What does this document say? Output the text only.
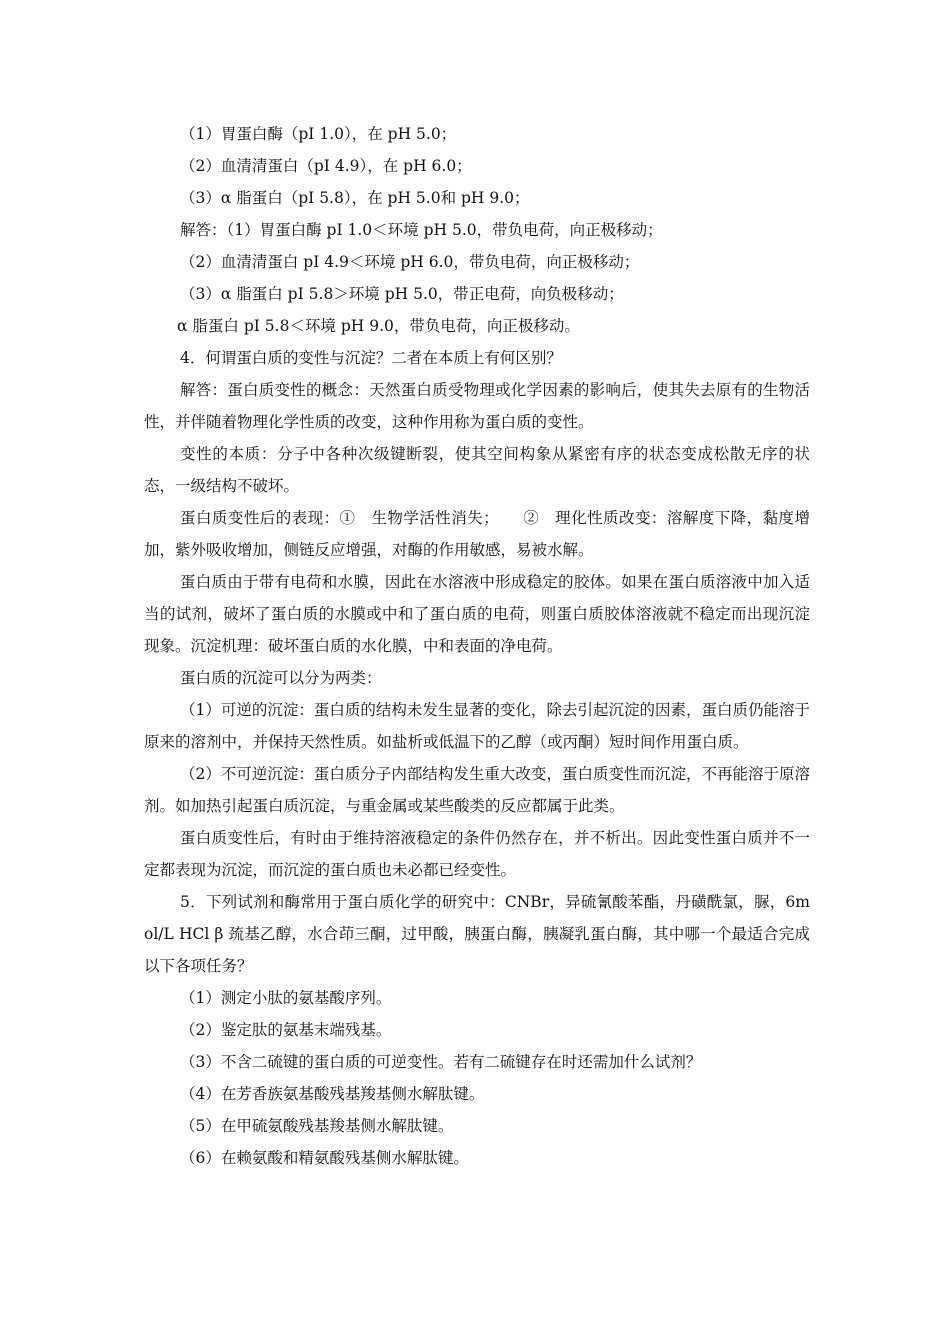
（1）胃蛋白酶（pI 1.0），在 pH 5.0；

（2）血清清蛋白（pI 4.9），在 pH 6.0；

（3）α 脂蛋白（pI 5.8），在 pH 5.0和 pH 9.0；

解答：（1）胃蛋白酶 pI 1.0＜环境 pH 5.0，带负电荷，向正极移动；

（2）血清清蛋白 pI 4.9＜环境 pH 6.0，带负电荷，向正极移动；

（3）α 脂蛋白 pI 5.8＞环境 pH 5.0，带正电荷，向负极移动；

α 脂蛋白 pI 5.8＜环境 pH 9.0，带负电荷，向正极移动。

4．何谓蛋白质的变性与沉淀？二者在本质上有何区别？

解答：蛋白质变性的概念：天然蛋白质受物理或化学因素的影响后，使其失去原有的生物活性，并伴随着物理化学性质的改变，这种作用称为蛋白质的变性。

变性的本质：分子中各种次级键断裂，使其空间构象从紧密有序的状态变成松散无序的状态，一级结构不破坏。

蛋白质变性后的表现：①　生物学活性消失；　　②　理化性质改变：溶解度下降，黏度增加，紫外吸收增加，侧链反应增强，对酶的作用敏感，易被水解。

蛋白质由于带有电荷和水膜，因此在水溶液中形成稳定的胶体。如果在蛋白质溶液中加入适当的试剂，破坏了蛋白质的水膜或中和了蛋白质的电荷，则蛋白质胶体溶液就不稳定而出现沉淀现象。沉淀机理：破坏蛋白质的水化膜，中和表面的净电荷。

蛋白质的沉淀可以分为两类：

（1）可逆的沉淀：蛋白质的结构未发生显著的变化，除去引起沉淀的因素，蛋白质仍能溶于原来的溶剂中，并保持天然性质。如盐析或低温下的乙醇（或丙酮）短时间作用蛋白质。

（2）不可逆沉淀：蛋白质分子内部结构发生重大改变，蛋白质变性而沉淀，不再能溶于原溶剂。如加热引起蛋白质沉淀，与重金属或某些酸类的反应都属于此类。

蛋白质变性后，有时由于维持溶液稳定的条件仍然存在，并不析出。因此变性蛋白质并不一定都表现为沉淀，而沉淀的蛋白质也未必都已经变性。

5．下列试剂和酶常用于蛋白质化学的研究中：CNBr，异硫氰酸苯酯，丹磺酰氯，脲，6mol/L HCl β 巯基乙醇，水合茚三酮，过甲酸，胰蛋白酶，胰凝乳蛋白酶，其中哪一个最适合完成以下各项任务？

（1）测定小肽的氨基酸序列。

（2）鉴定肽的氨基末端残基。

（3）不含二硫键的蛋白质的可逆变性。若有二硫键存在时还需加什么试剂？

（4）在芳香族氨基酸残基羧基侧水解肽键。

（5）在甲硫氨酸残基羧基侧水解肽键。

（6）在赖氨酸和精氨酸残基侧水解肽键。
